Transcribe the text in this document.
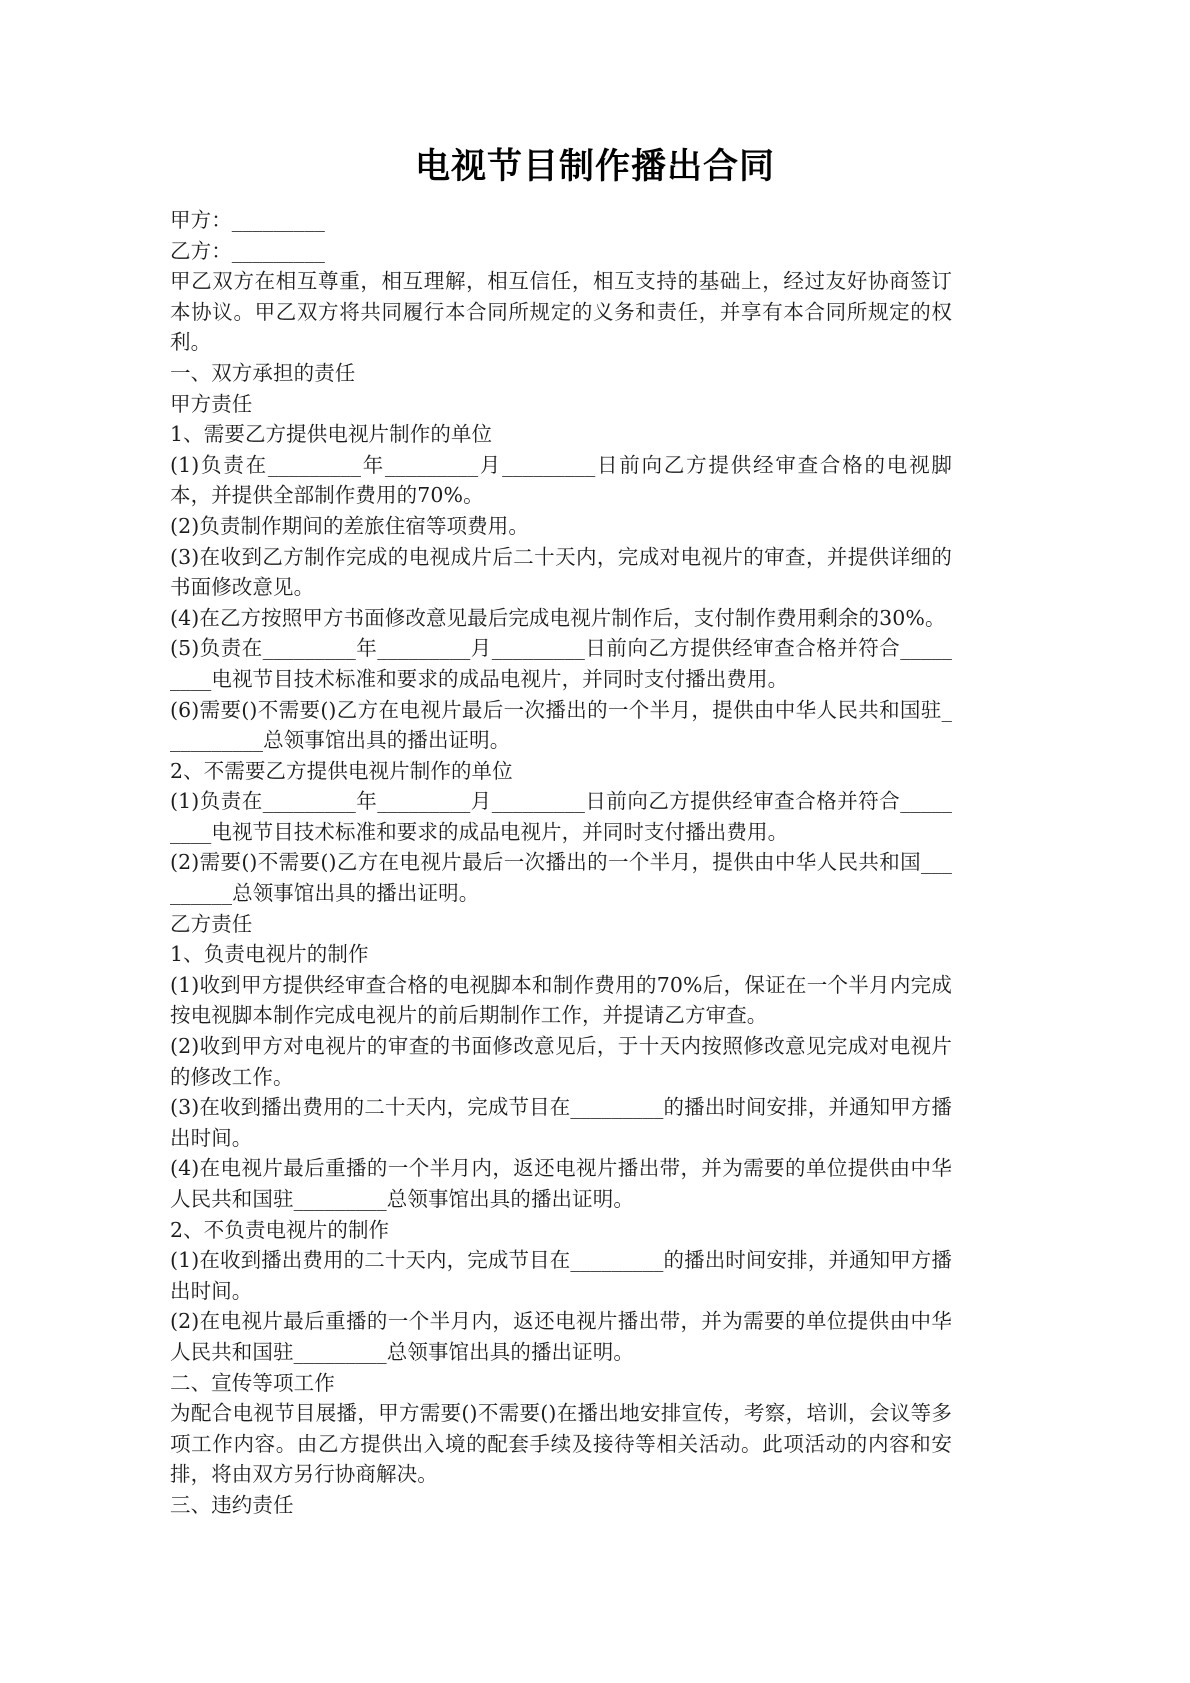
电视节目制作播出合同

甲方：_________

乙方：_________

甲乙双方在相互尊重，相互理解，相互信任，相互支持的基础上，经过友好协商签订本协议。甲乙双方将共同履行本合同所规定的义务和责任，并享有本合同所规定的权利。

一、双方承担的责任

甲方责任

1、需要乙方提供电视片制作的单位

(1)负责在_________年_________月_________日前向乙方提供经审查合格的电视脚本，并提供全部制作费用的70%。

(2)负责制作期间的差旅住宿等项费用。

(3)在收到乙方制作完成的电视成片后二十天内，完成对电视片的审查，并提供详细的书面修改意见。

(4)在乙方按照甲方书面修改意见最后完成电视片制作后，支付制作费用剩余的30%。

(5)负责在_________年_________月_________日前向乙方提供经审查合格并符合_________电视节目技术标准和要求的成品电视片，并同时支付播出费用。

(6)需要()不需要()乙方在电视片最后一次播出的一个半月，提供由中华人民共和国驻__________总领事馆出具的播出证明。

2、不需要乙方提供电视片制作的单位

(1)负责在_________年_________月_________日前向乙方提供经审查合格并符合_________电视节目技术标准和要求的成品电视片，并同时支付播出费用。

(2)需要()不需要()乙方在电视片最后一次播出的一个半月，提供由中华人民共和国_________总领事馆出具的播出证明。

乙方责任

1、负责电视片的制作

(1)收到甲方提供经审查合格的电视脚本和制作费用的70%后，保证在一个半月内完成按电视脚本制作完成电视片的前后期制作工作，并提请乙方审查。

(2)收到甲方对电视片的审查的书面修改意见后，于十天内按照修改意见完成对电视片的修改工作。

(3)在收到播出费用的二十天内，完成节目在_________的播出时间安排，并通知甲方播出时间。

(4)在电视片最后重播的一个半月内，返还电视片播出带，并为需要的单位提供由中华人民共和国驻_________总领事馆出具的播出证明。

2、不负责电视片的制作

(1)在收到播出费用的二十天内，完成节目在_________的播出时间安排，并通知甲方播出时间。

(2)在电视片最后重播的一个半月内，返还电视片播出带，并为需要的单位提供由中华人民共和国驻_________总领事馆出具的播出证明。

二、宣传等项工作

为配合电视节目展播，甲方需要()不需要()在播出地安排宣传，考察，培训，会议等多项工作内容。由乙方提供出入境的配套手续及接待等相关活动。此项活动的内容和安排，将由双方另行协商解决。

三、违约责任
